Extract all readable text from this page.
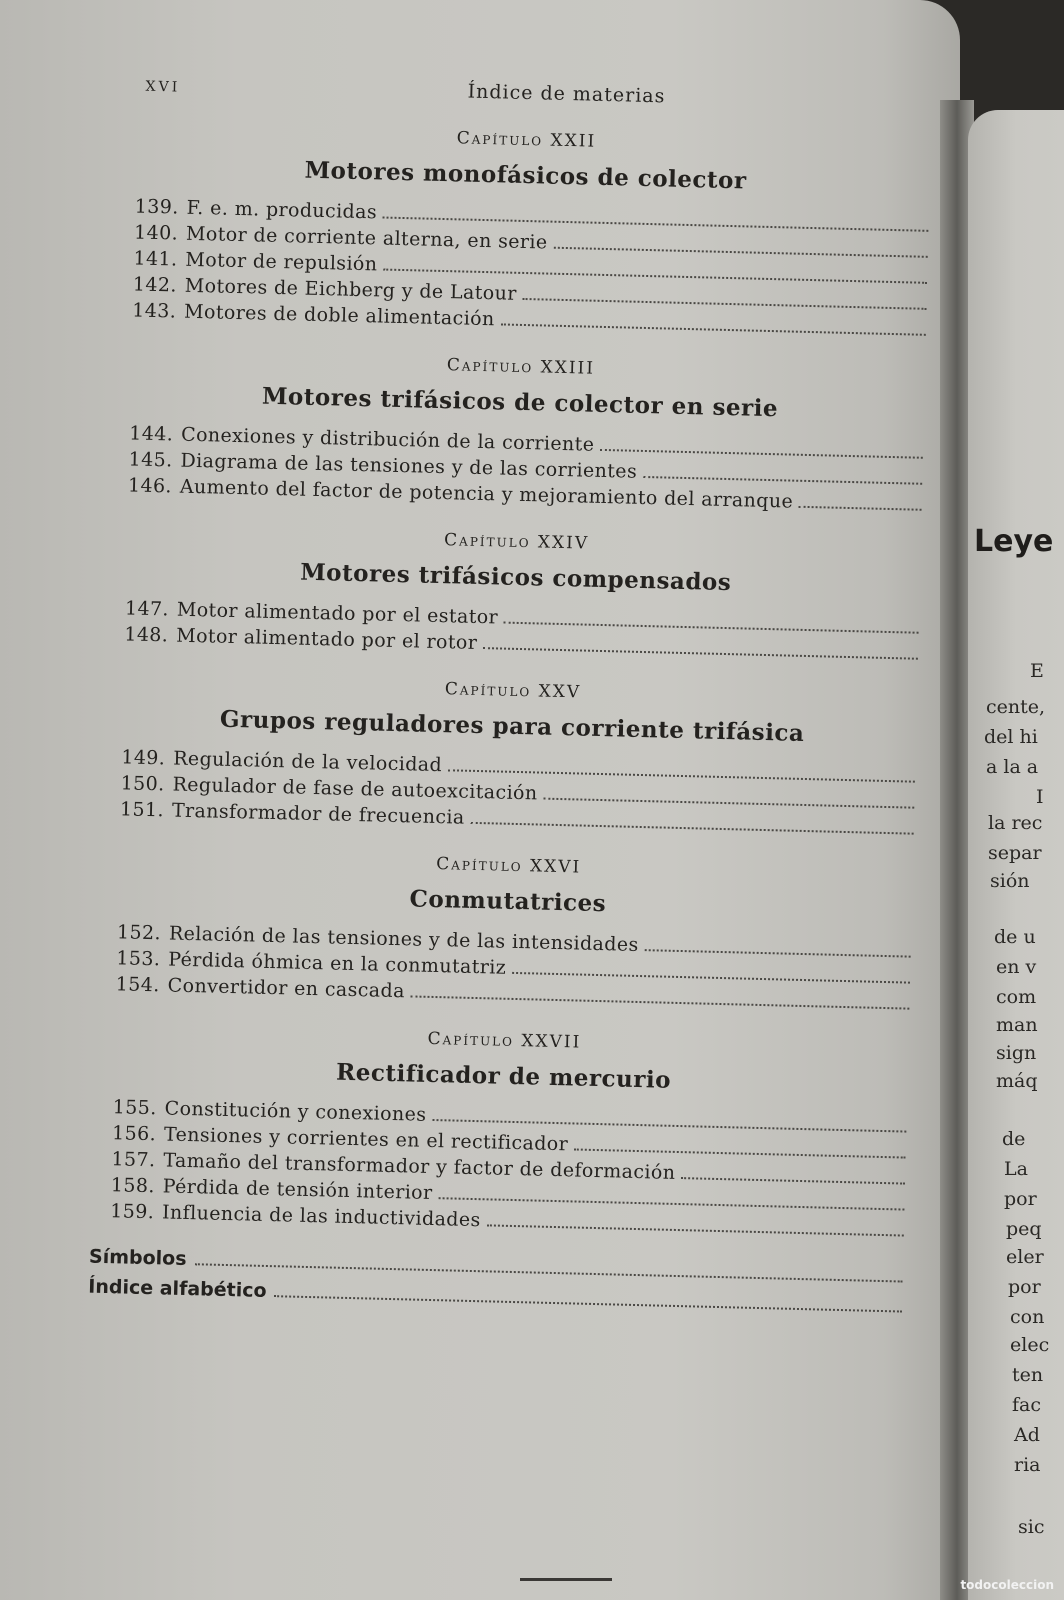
XVI	Índice de materias
Capítulo XXII
Motores monofásicos de colector
139. F. e. m. producidas
140. Motor de corriente alterna, en serie
141. Motor de repulsión
142. Motores de Eichberg y de Latour
143. Motores de doble alimentación
Capítulo XXIII
Motores trifásicos de colector en serie
144. Conexiones y distribución de la corriente
145. Diagrama de las tensiones y de las corrientes
146. Aumento del factor de potencia y mejoramiento del arranque
Capítulo XXIV
Motores trifásicos compensados
147. Motor alimentado por el estator
148. Motor alimentado por el rotor
Capítulo XXV
Grupos reguladores para corriente trifásica
149. Regulación de la velocidad
150. Regulador de fase de autoexcitación
151. Transformador de frecuencia
Capítulo XXVI
Conmutatrices
152. Relación de las tensiones y de las intensidades
153. Pérdida óhmica en la conmutatriz
154. Convertidor en cascada
Capítulo XXVII
Rectificador de mercurio
155. Constitución y conexiones
156. Tensiones y corrientes en el rectificador
157. Tamaño del transformador y factor de deformación
158. Pérdida de tensión interior
159. Influencia de las inductividades
Símbolos
Índice alfabético
Leye
E
cente,
del hi
a la a
I
la rec
separ
sión
de u
en v
com
man
sign
máq
de
La
por
peq
eler
por
con
elec
ten
fac
Ad
ria
sic
todocoleccion
